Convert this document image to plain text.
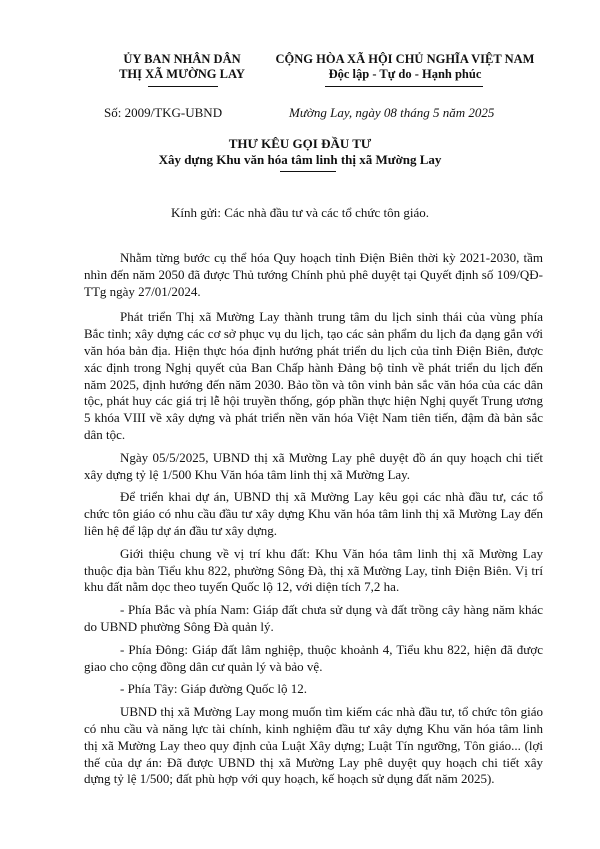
ỦY BAN NHÂN DÂN
THỊ XÃ MƯỜNG LAY
CỘNG HÒA XÃ HỘI CHỦ NGHĨA VIỆT NAM
Độc lập - Tự do - Hạnh phúc
Số: 2009/TKG-UBND	Mường Lay, ngày 08 tháng 5 năm 2025
THƯ KÊU GỌI ĐẦU TƯ
Xây dựng Khu văn hóa tâm linh thị xã Mường Lay
Kính gửi: Các nhà đầu tư và các tổ chức tôn giáo.

Nhằm từng bước cụ thể hóa Quy hoạch tỉnh Điện Biên thời kỳ 2021-2030, tầm nhìn đến năm 2050 đã được Thủ tướng Chính phủ phê duyệt tại Quyết định số 109/QĐ-TTg ngày 27/01/2024.

Phát triển Thị xã Mường Lay thành trung tâm du lịch sinh thái của vùng phía Bắc tỉnh; xây dựng các cơ sở phục vụ du lịch, tạo các sản phẩm du lịch đa dạng gắn với văn hóa bản địa. Hiện thực hóa định hướng phát triển du lịch của tỉnh Điện Biên, được xác định trong Nghị quyết của Ban Chấp hành Đảng bộ tỉnh về phát triển du lịch đến năm 2025, định hướng đến năm 2030. Bảo tồn và tôn vinh bản sắc văn hóa của các dân tộc, phát huy các giá trị lễ hội truyền thống, góp phần thực hiện Nghị quyết Trung ương 5 khóa VIII về xây dựng và phát triển nền văn hóa Việt Nam tiên tiến, đậm đà bản sắc dân tộc.

Ngày 05/5/2025, UBND thị xã Mường Lay phê duyệt đồ án quy hoạch chi tiết xây dựng tỷ lệ 1/500 Khu Văn hóa tâm linh thị xã Mường Lay.

Để triển khai dự án, UBND thị xã Mường Lay kêu gọi các nhà đầu tư, các tổ chức tôn giáo có nhu cầu đầu tư xây dựng Khu văn hóa tâm linh thị xã Mường Lay đến liên hệ để lập dự án đầu tư xây dựng.

Giới thiệu chung về vị trí khu đất: Khu Văn hóa tâm linh thị xã Mường Lay thuộc địa bàn Tiểu khu 822, phường Sông Đà, thị xã Mường Lay, tỉnh Điện Biên. Vị trí khu đất nằm dọc theo tuyến Quốc lộ 12, với diện tích 7,2 ha.

- Phía Bắc và phía Nam: Giáp đất chưa sử dụng và đất trồng cây hàng năm khác do UBND phường Sông Đà quản lý.

- Phía Đông: Giáp đất lâm nghiệp, thuộc khoảnh 4, Tiểu khu 822, hiện đã được giao cho cộng đồng dân cư quản lý và bảo vệ.

- Phía Tây: Giáp đường Quốc lộ 12.

UBND thị xã Mường Lay mong muốn tìm kiếm các nhà đầu tư, tổ chức tôn giáo có nhu cầu và năng lực tài chính, kinh nghiệm đầu tư xây dựng Khu văn hóa tâm linh thị xã Mường Lay theo quy định của Luật Xây dựng; Luật Tín ngưỡng, Tôn giáo... (lợi thế của dự án: Đã được UBND thị xã Mường Lay phê duyệt quy hoạch chi tiết xây dựng tỷ lệ 1/500; đất phù hợp với quy hoạch, kế hoạch sử dụng đất năm 2025).
